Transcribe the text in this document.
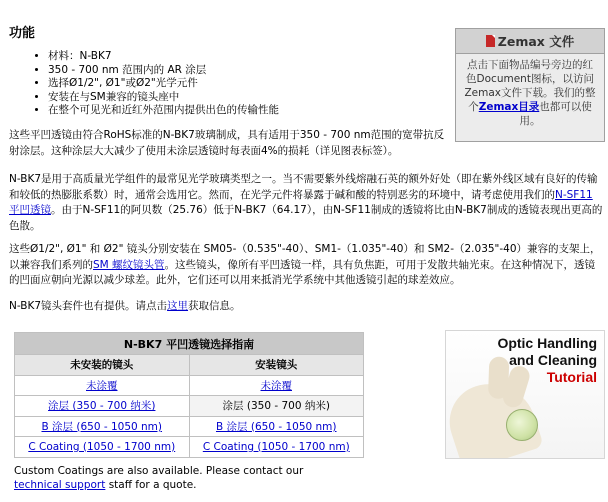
功能
• 材料：N-BK7
• 350 - 700 nm 范围内的 AR 涂层
• 选择Ø1/2", Ø1"或Ø2"光学元件
• 安装在与SM兼容的镜头座中
• 在整个可见光和近红外范围内提供出色的传输性能
Zemax 文件
点击下面物品编号旁边的红色Document图标，以访问Zemax文件下载。我们的整个Zemax目录也都可以使用。

这些平凹透镜由符合RoHS标准的N-BK7玻璃制成，具有适用于350 - 700 nm范围的宽带抗反射涂层。这种涂层大大减少了使用未涂层透镜时每表面4%的损耗（详见图表标签）。

N-BK7是用于高质量光学组件的最常见光学玻璃类型之一。当不需要紫外线熔融石英的额外好处（即在紫外线区域有良好的传输和较低的热膨胀系数）时，通常会选用它。然而，在光学元件将暴露于碱和酸的特别恶劣的环境中，请考虑使用我们的N-SF11 平凹透镜。由于N-SF11的阿贝数（25.76）低于N-BK7（64.17），由N-SF11制成的透镜将比由N-BK7制成的透镜表现出更高的色散。

这些Ø1/2", Ø1" 和 Ø2" 镜头分别安装在 SM05-（0.535"-40）、SM1-（1.035"-40）和 SM2-（2.035"-40）兼容的支架上，以兼容我们系列的SM 螺纹镜头管。这些镜头，像所有平凹透镜一样，具有负焦距，可用于发散共轴光束。在这种情况下，透镜的凹面应朝向光源以减少球差。此外，它们还可以用来抵消光学系统中其他透镜引起的球差效应。

N-BK7镜头套件也有提供。请点击这里获取信息。

N-BK7 平凹透镜选择指南	
未安装的镜头	安装镜头
未涂覆	未涂覆
涂层 (350 - 700 纳米)	涂层 (350 - 700 纳米)
B 涂层 (650 - 1050 nm)	B 涂层 (650 - 1050 nm)
C Coating (1050 - 1700 nm)	C Coating (1050 - 1700 nm)

Custom Coatings are also available. Please contact our technical support staff for a quote.

Optic Handling
and Cleaning
Tutorial
